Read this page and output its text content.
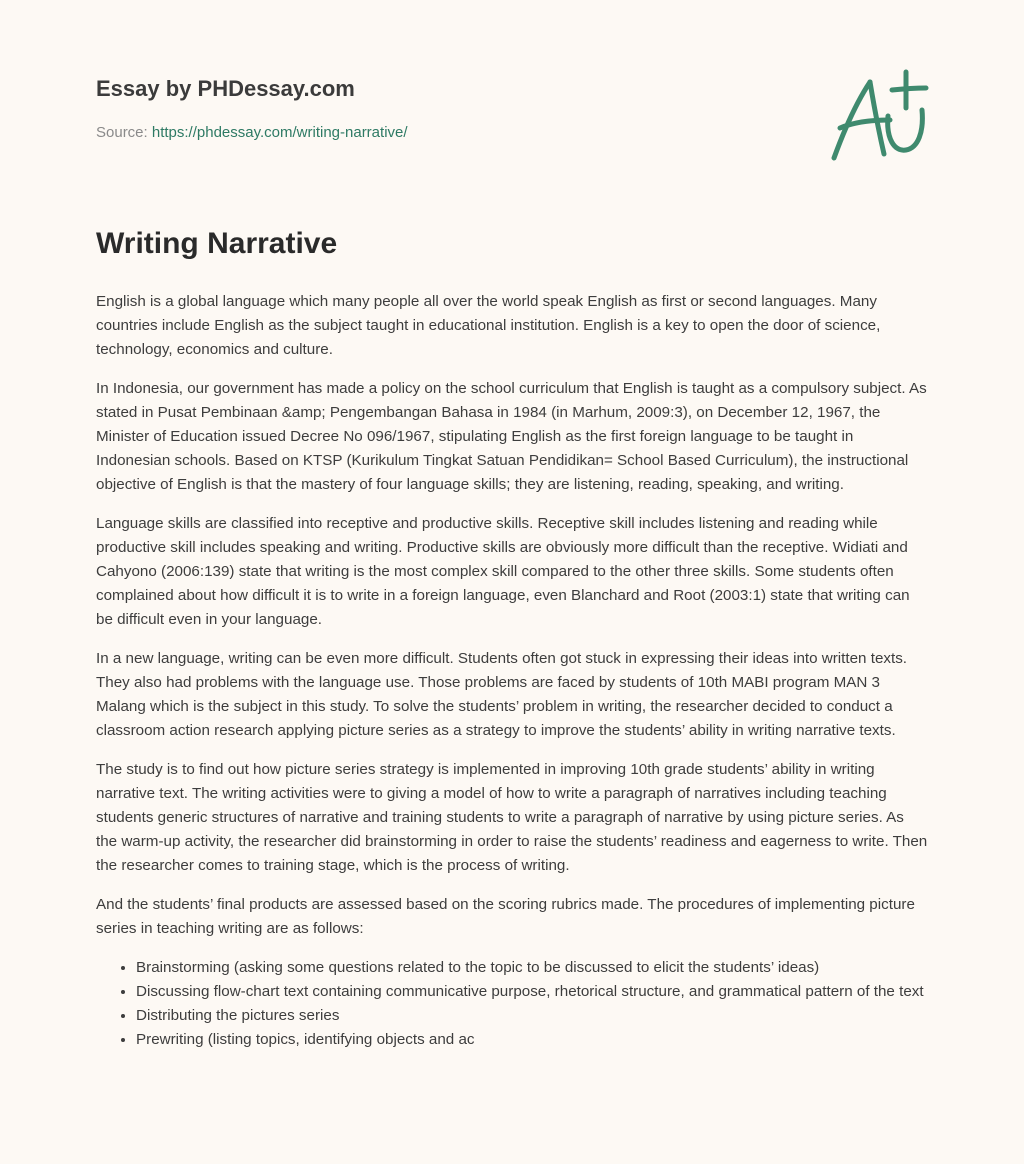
Essay by PHDessay.com
Source: https://phdessay.com/writing-narrative/
Writing Narrative

English is a global language which many people all over the world speak English as first or second languages. Many countries include English as the subject taught in educational institution. English is a key to open the door of science, technology, economics and culture.

In Indonesia, our government has made a policy on the school curriculum that English is taught as a compulsory subject. As stated in Pusat Pembinaan &amp; Pengembangan Bahasa in 1984 (in Marhum, 2009:3), on December 12, 1967, the Minister of Education issued Decree No 096/1967, stipulating English as the first foreign language to be taught in Indonesian schools. Based on KTSP (Kurikulum Tingkat Satuan Pendidikan= School Based Curriculum), the instructional objective of English is that the mastery of four language skills; they are listening, reading, speaking, and writing.

Language skills are classified into receptive and productive skills. Receptive skill includes listening and reading while productive skill includes speaking and writing. Productive skills are obviously more difficult than the receptive. Widiati and Cahyono (2006:139) state that writing is the most complex skill compared to the other three skills. Some students often complained about how difficult it is to write in a foreign language, even Blanchard and Root (2003:1) state that writing can be difficult even in your language.

In a new language, writing can be even more difficult. Students often got stuck in expressing their ideas into written texts. They also had problems with the language use. Those problems are faced by students of 10th MABI program MAN 3 Malang which is the subject in this study. To solve the students’ problem in writing, the researcher decided to conduct a classroom action research applying picture series as a strategy to improve the students’ ability in writing narrative texts.

The study is to find out how picture series strategy is implemented in improving 10th grade students’ ability in writing narrative text. The writing activities were to giving a model of how to write a paragraph of narratives including teaching students generic structures of narrative and training students to write a paragraph of narrative by using picture series. As the warm-up activity, the researcher did brainstorming in order to raise the students’ readiness and eagerness to write. Then the researcher comes to training stage, which is the process of writing.

And the students’ final products are assessed based on the scoring rubrics made. The procedures of implementing picture series in teaching writing are as follows:

• Brainstorming (asking some questions related to the topic to be discussed to elicit the students’ ideas)
• Discussing flow-chart text containing communicative purpose, rhetorical structure, and grammatical pattern of the text
• Distributing the pictures series
• Prewriting (listing topics, identifying objects and ac
